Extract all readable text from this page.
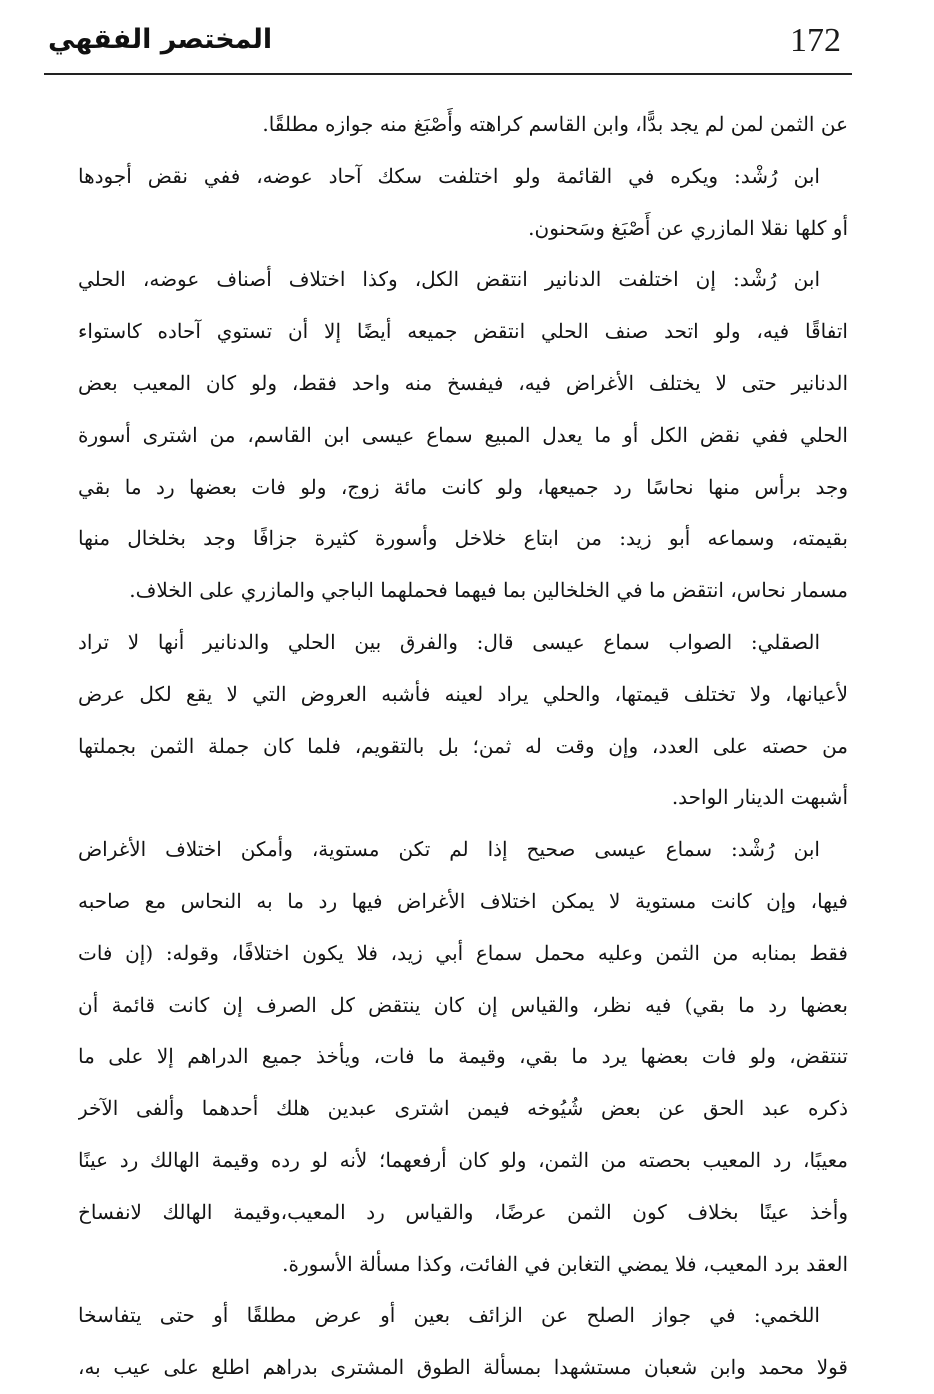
172
المختصر الفقهي
عن الثمن لمن لم يجد بدًّا، وابن القاسم كراهته وأَصْبَغ منه جوازه مطلقًا.
ابن رُشْد: ويكره في القائمة ولو اختلفت سكك آحاد عوضه، ففي نقض أجودها
أو كلها نقلا المازري عن أَصْبَغ وسَحنون.
ابن رُشْد: إن اختلفت الدنانير انتقض الكل، وكذا اختلاف أصناف عوضه، الحلي
اتفاقًا فيه، ولو اتحد صنف الحلي انتقض جميعه أيضًا إلا أن تستوي آحاده كاستواء
الدنانير حتى لا يختلف الأغراض فيه، فيفسخ منه واحد فقط، ولو كان المعيب بعض
الحلي ففي نقض الكل أو ما يعدل المبيع سماع عيسى ابن القاسم، من اشترى أسورة
وجد برأس منها نحاسًا رد جميعها، ولو كانت مائة زوج، ولو فات بعضها رد ما بقي
بقيمته، وسماعه أبو زيد: من ابتاع خلاخل وأسورة كثيرة جزافًا وجد بخلخال منها
مسمار نحاس، انتقض ما في الخلخالين بما فيهما فحملهما الباجي والمازري على الخلاف.
الصقلي: الصواب سماع عيسى قال: والفرق بين الحلي والدنانير أنها لا تراد
لأعيانها، ولا تختلف قيمتها، والحلي يراد لعينه فأشبه العروض التي لا يقع لكل عرض
من حصته على العدد، وإن وقت له ثمن؛ بل بالتقويم، فلما كان جملة الثمن بجملتها
أشبهت الدينار الواحد.
ابن رُشْد: سماع عيسى صحيح إذا لم تكن مستوية، وأمكن اختلاف الأغراض
فيها، وإن كانت مستوية لا يمكن اختلاف الأغراض فيها رد ما به النحاس مع صاحبه
فقط بمنابه من الثمن وعليه محمل سماع أبي زيد، فلا يكون اختلافًا، وقوله: (إن فات
بعضها رد ما بقي) فيه نظر، والقياس إن كان ينتقض كل الصرف إن كانت قائمة أن
تنتقض، ولو فات بعضها يرد ما بقي، وقيمة ما فات، ويأخذ جميع الدراهم إلا على ما
ذكره عبد الحق عن بعض شُيُوخه فيمن اشترى عبدين هلك أحدهما وألفى الآخر
معيبًا، رد المعيب بحصته من الثمن، ولو كان أرفعهما؛ لأنه لو رده وقيمة الهالك رد عينًا
وأخذ عينًا بخلاف كون الثمن عرضًا، والقياس رد المعيب،وقيمة الهالك لانفساخ
العقد برد المعيب، فلا يمضي التغابن في الفائت، وكذا مسألة الأسورة.
اللخمي: في جواز الصلح عن الزائف بعين أو عرض مطلقًا أو حتى يتفاسخا
قولا محمد وابن شعبان مستشهدا بمسألة الطوق المشترى بدراهم اطلع على عيب به،
